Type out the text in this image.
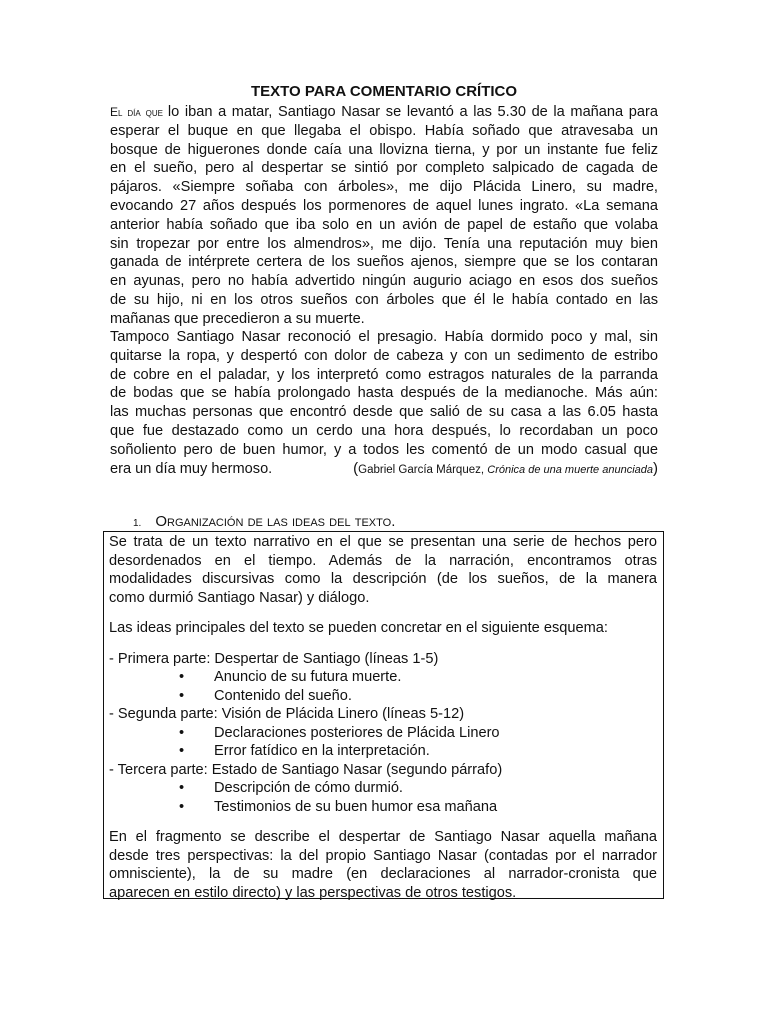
TEXTO PARA COMENTARIO CRÍTICO
El día que lo iban a matar, Santiago Nasar se levantó a las 5.30 de la mañana para
esperar el buque en que llegaba el obispo. Había soñado que atravesaba un
bosque de higuerones donde caía una llovizna tierna, y por un instante fue feliz
en el sueño, pero al despertar se sintió por completo salpicado de cagada de
pájaros. «Siempre soñaba con árboles», me dijo Plácida Linero, su madre,
evocando 27 años después los pormenores de aquel lunes ingrato. «La semana
anterior había soñado que iba solo en un avión de papel de estaño que volaba
sin tropezar por entre los almendros», me dijo. Tenía una reputación muy bien
ganada de intérprete certera de los sueños ajenos, siempre que se los contaran
en ayunas, pero no había advertido ningún augurio aciago en esos dos sueños
de su hijo, ni en los otros sueños con árboles que él le había contado en las
mañanas que precedieron a su muerte.
Tampoco Santiago Nasar reconoció el presagio. Había dormido poco y mal, sin
quitarse la ropa, y despertó con dolor de cabeza y con un sedimento de estribo
de cobre en el paladar, y los interpretó como estragos naturales de la parranda
de bodas que se había prolongado hasta después de la medianoche. Más aún:
las muchas personas que encontró desde que salió de su casa a las 6.05 hasta
que fue destazado como un cerdo una hora después, lo recordaban un poco
soñoliento pero de buen humor, y a todos les comentó de un modo casual que
era un día muy hermoso.	(Gabriel García Márquez, Crónica de una muerte anunciada)
1. Organización de las ideas del texto.
Se trata de un texto narrativo en el que se presentan una serie de hechos pero
desordenados en el tiempo. Además de la narración, encontramos otras
modalidades discursivas como la descripción (de los sueños, de la manera
como durmió Santiago Nasar) y diálogo.
Las ideas principales del texto se pueden concretar en el siguiente esquema:
- Primera parte: Despertar de Santiago (líneas 1-5)
• Anuncio de su futura muerte.
• Contenido del sueño.
- Segunda parte: Visión de Plácida Linero (líneas 5-12)
• Declaraciones posteriores de Plácida Linero
• Error fatídico en la interpretación.
- Tercera parte: Estado de Santiago Nasar (segundo párrafo)
• Descripción de cómo durmió.
• Testimonios de su buen humor esa mañana
En el fragmento se describe el despertar de Santiago Nasar aquella mañana
desde tres perspectivas: la del propio Santiago Nasar (contadas por el narrador
omnisciente), la de su madre (en declaraciones al narrador-cronista que
aparecen en estilo directo) y las perspectivas de otros testigos.
